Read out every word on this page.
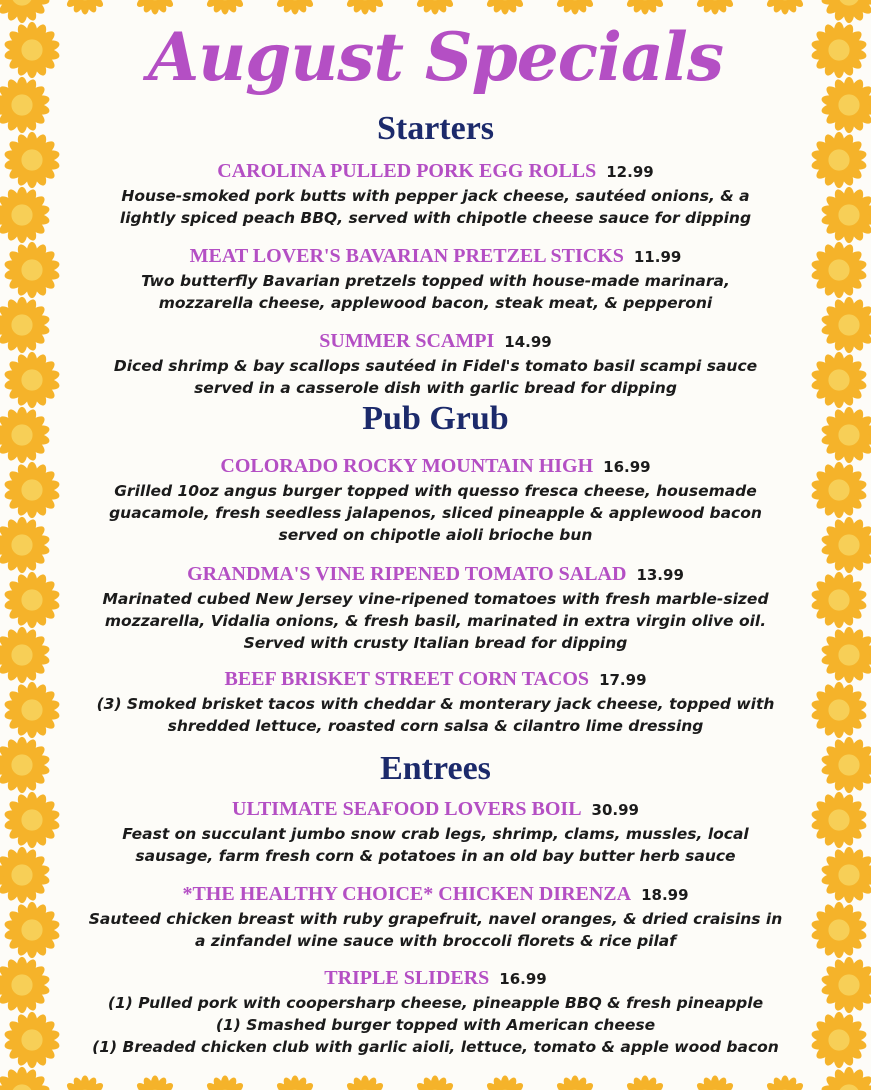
August Specials
Starters
CAROLINA PULLED PORK EGG ROLLS 12.99
House-smoked pork butts with pepper jack cheese, sautéed onions, & a
lightly spiced peach BBQ, served with chipotle cheese sauce for dipping
MEAT LOVER'S BAVARIAN PRETZEL STICKS 11.99
Two butterfly Bavarian pretzels topped with house-made marinara,
mozzarella cheese, applewood bacon, steak meat, & pepperoni
SUMMER SCAMPI 14.99
Diced shrimp & bay scallops sautéed in Fidel's tomato basil scampi sauce
served in a casserole dish with garlic bread for dipping
Pub Grub
COLORADO ROCKY MOUNTAIN HIGH 16.99
Grilled 10oz angus burger topped with quesso fresca cheese, housemade
guacamole, fresh seedless jalapenos, sliced pineapple & applewood bacon
served on chipotle aioli brioche bun
GRANDMA'S VINE RIPENED TOMATO SALAD 13.99
Marinated cubed New Jersey vine-ripened tomatoes with fresh marble-sized
mozzarella, Vidalia onions, & fresh basil, marinated in extra virgin olive oil.
Served with crusty Italian bread for dipping
BEEF BRISKET STREET CORN TACOS 17.99
(3) Smoked brisket tacos with cheddar & monterary jack cheese, topped with
shredded lettuce, roasted corn salsa & cilantro lime dressing
Entrees
ULTIMATE SEAFOOD LOVERS BOIL 30.99
Feast on succulant jumbo snow crab legs, shrimp, clams, mussles, local
sausage, farm fresh corn & potatoes in an old bay butter herb sauce
*THE HEALTHY CHOICE* CHICKEN DIRENZA 18.99
Sauteed chicken breast with ruby grapefruit, navel oranges, & dried craisins in
a zinfandel wine sauce with broccoli florets & rice pilaf
TRIPLE SLIDERS 16.99
(1) Pulled pork with coopersharp cheese, pineapple BBQ & fresh pineapple
(1) Smashed burger topped with American cheese
(1) Breaded chicken club with garlic aioli, lettuce, tomato & apple wood bacon
